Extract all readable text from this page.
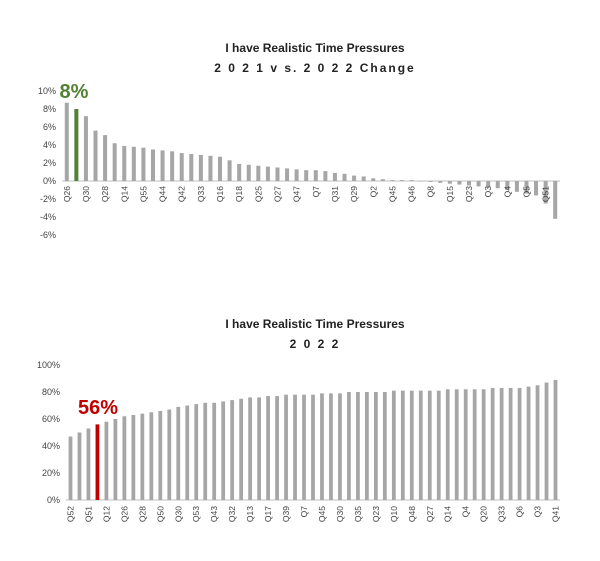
I have Realistic Time Pressures
2 0 2 1 v s. 2 0 2 2 Change
8%
10%
8%
6%
4%
2%
0%
-2%
-4%
-6%
Q26 Q30 Q28 Q14 Q55 Q44 Q42 Q33 Q16 Q18 Q25 Q27 Q47 Q7 Q31 Q29 Q2 Q45 Q46 Q8 Q15 Q23 Q3 Q4 Q5 Q51
I have Realistic Time Pressures
2 0 2 2
56%
100%
80%
60%
40%
20%
0%
Q52 Q51 Q12 Q26 Q28 Q50 Q30 Q53 Q43 Q32 Q13 Q17 Q39 Q7 Q45 Q30 Q35 Q23 Q10 Q48 Q27 Q14 Q4 Q20 Q33 Q6 Q3 Q41
